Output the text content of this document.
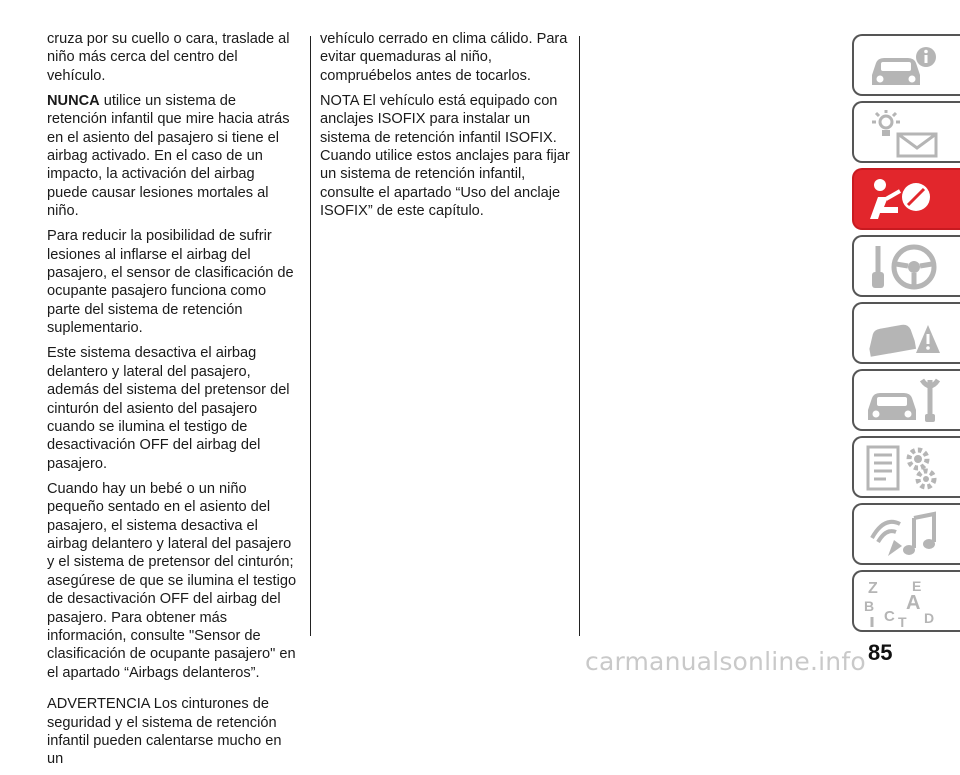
cruza por su cuello o cara, traslade al niño más cerca del centro del vehículo.

NUNCA utilice un sistema de retención infantil que mire hacia atrás en el asiento del pasajero si tiene el airbag activado. En el caso de un impacto, la activación del airbag puede causar lesiones mortales al niño.

Para reducir la posibilidad de sufrir lesiones al inflarse el airbag del pasajero, el sensor de clasificación de ocupante pasajero funciona como parte del sistema de retención suplementario.

Este sistema desactiva el airbag delantero y lateral del pasajero, además del sistema del pretensor del cinturón del asiento del pasajero cuando se ilumina el testigo de desactivación OFF del airbag del pasajero.

Cuando hay un bebé o un niño pequeño sentado en el asiento del pasajero, el sistema desactiva el airbag delantero y lateral del pasajero y el sistema de pretensor del cinturón; asegúrese de que se ilumina el testigo de desactivación OFF del airbag del pasajero. Para obtener más información, consulte "Sensor de clasificación de ocupante pasajero" en el apartado “Airbags delanteros”.

ADVERTENCIA Los cinturones de seguridad y el sistema de retención infantil pueden calentarse mucho en un

vehículo cerrado en clima cálido. Para evitar quemaduras al niño, compruébelos antes de tocarlos.

NOTA El vehículo está equipado con anclajes ISOFIX para instalar un sistema de retención infantil ISOFIX. Cuando utilice estos anclajes para fijar un sistema de retención infantil, consulte el apartado “Uso del anclaje ISOFIX” de este capítulo.

Z E
B A
C D
T
85
carmanualsonline.info
